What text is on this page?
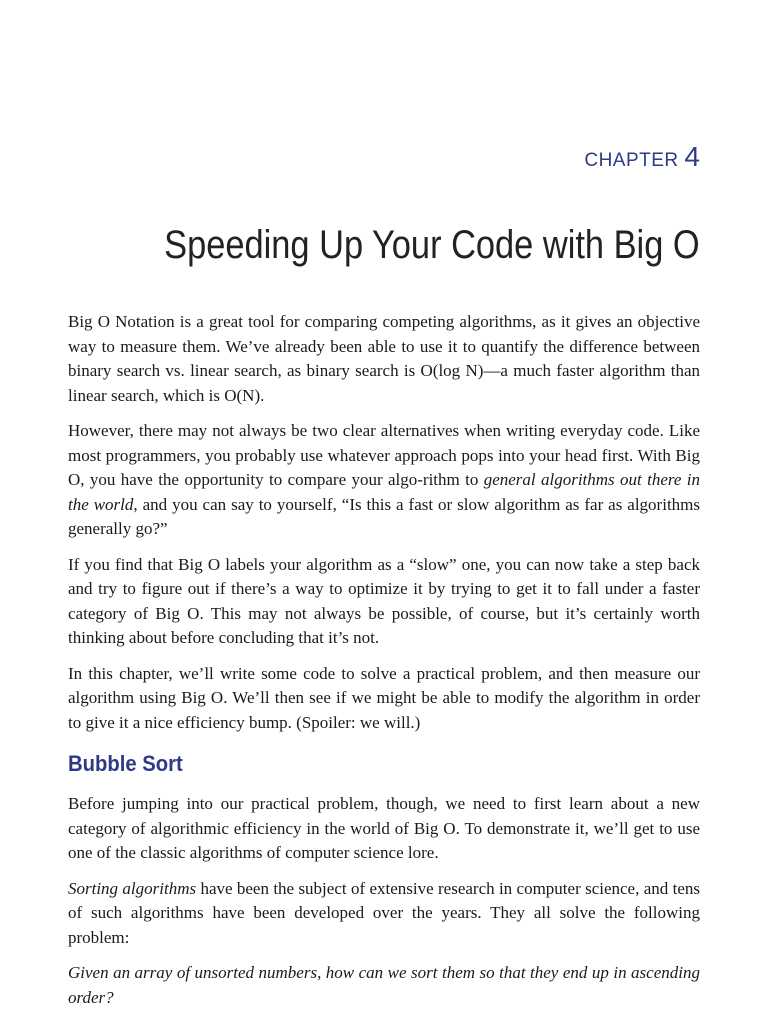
CHAPTER 4
Speeding Up Your Code with Big O

Big O Notation is a great tool for comparing competing algorithms, as it gives an objective way to measure them. We’ve already been able to use it to quantify the difference between binary search vs. linear search, as binary search is O(log N)—a much faster algorithm than linear search, which is O(N).

However, there may not always be two clear alternatives when writing everyday code. Like most programmers, you probably use whatever approach pops into your head first. With Big O, you have the opportunity to compare your algo-rithm to general algorithms out there in the world, and you can say to yourself, “Is this a fast or slow algorithm as far as algorithms generally go?”

If you find that Big O labels your algorithm as a “slow” one, you can now take a step back and try to figure out if there’s a way to optimize it by trying to get it to fall under a faster category of Big O. This may not always be possible, of course, but it’s certainly worth thinking about before concluding that it’s not.

In this chapter, we’ll write some code to solve a practical problem, and then measure our algorithm using Big O. We’ll then see if we might be able to modify the algorithm in order to give it a nice efficiency bump. (Spoiler: we will.)

Bubble Sort

Before jumping into our practical problem, though, we need to first learn about a new category of algorithmic efficiency in the world of Big O. To demonstrate it, we’ll get to use one of the classic algorithms of computer science lore.

Sorting algorithms have been the subject of extensive research in computer science, and tens of such algorithms have been developed over the years. They all solve the following problem:

Given an array of unsorted numbers, how can we sort them so that they end up in ascending order?
